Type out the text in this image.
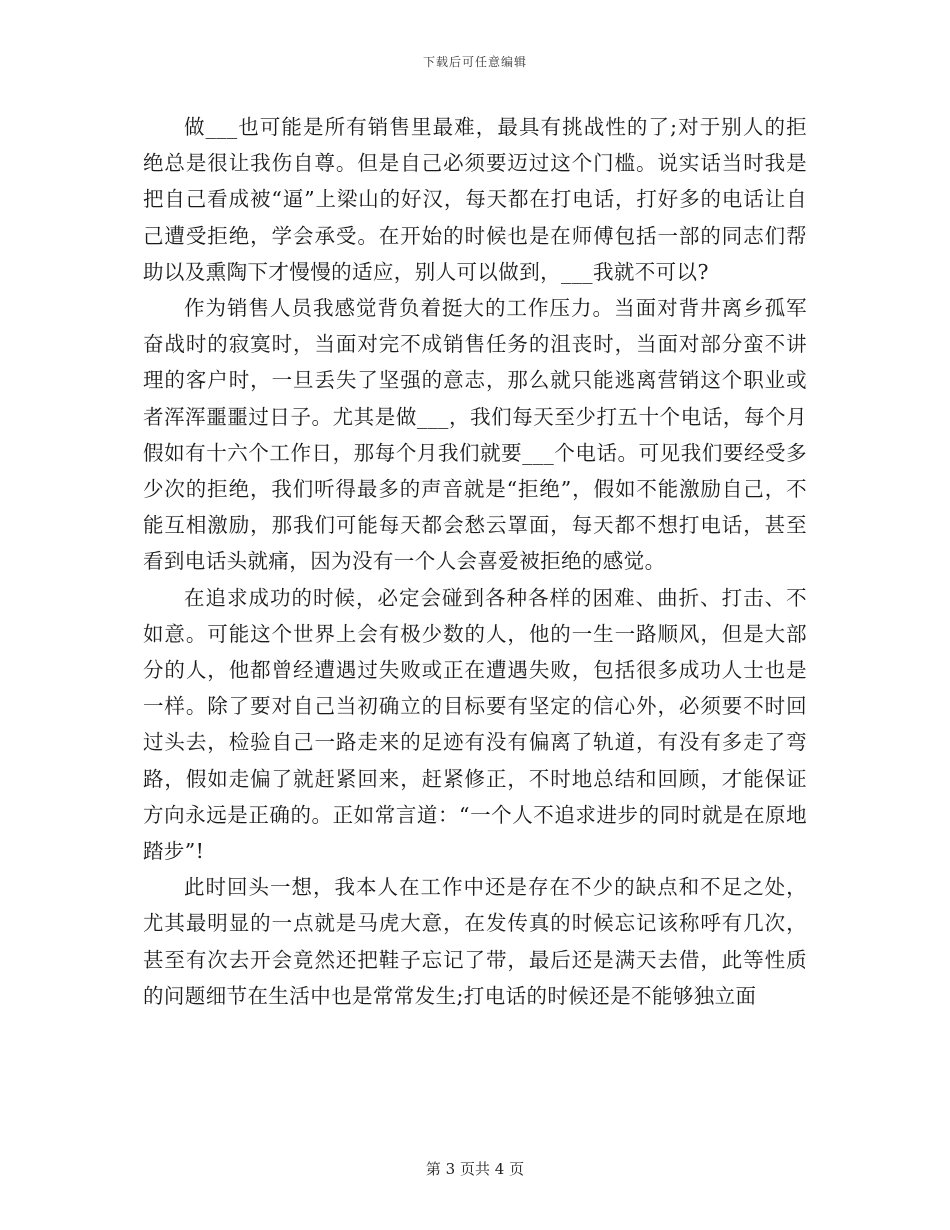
下载后可任意编辑

做___也可能是所有销售里最难，最具有挑战性的了;对于别人的拒绝总是很让我伤自尊。但是自己必须要迈过这个门槛。说实话当时我是把自己看成被“逼”上梁山的好汉，每天都在打电话，打好多的电话让自己遭受拒绝，学会承受。在开始的时候也是在师傅包括一部的同志们帮助以及熏陶下才慢慢的适应，别人可以做到，___我就不可以?

作为销售人员我感觉背负着挺大的工作压力。当面对背井离乡孤军奋战时的寂寞时，当面对完不成销售任务的沮丧时，当面对部分蛮不讲理的客户时，一旦丢失了坚强的意志，那么就只能逃离营销这个职业或者浑浑噩噩过日子。尤其是做___，我们每天至少打五十个电话，每个月假如有十六个工作日，那每个月我们就要___个电话。可见我们要经受多少次的拒绝，我们听得最多的声音就是“拒绝”，假如不能激励自己，不能互相激励，那我们可能每天都会愁云罩面，每天都不想打电话，甚至看到电话头就痛，因为没有一个人会喜爱被拒绝的感觉。

在追求成功的时候，必定会碰到各种各样的困难、曲折、打击、不如意。可能这个世界上会有极少数的人，他的一生一路顺风，但是大部分的人，他都曾经遭遇过失败或正在遭遇失败，包括很多成功人士也是一样。除了要对自己当初确立的目标要有坚定的信心外，必须要不时回过头去，检验自己一路走来的足迹有没有偏离了轨道，有没有多走了弯路，假如走偏了就赶紧回来，赶紧修正，不时地总结和回顾，才能保证方向永远是正确的。正如常言道：“一个人不追求进步的同时就是在原地踏步”!

此时回头一想，我本人在工作中还是存在不少的缺点和不足之处，尤其最明显的一点就是马虎大意，在发传真的时候忘记该称呼有几次，甚至有次去开会竟然还把鞋子忘记了带，最后还是满天去借，此等性质的问题细节在生活中也是常常发生;打电话的时候还是不能够独立面

第 3 页共 4 页
